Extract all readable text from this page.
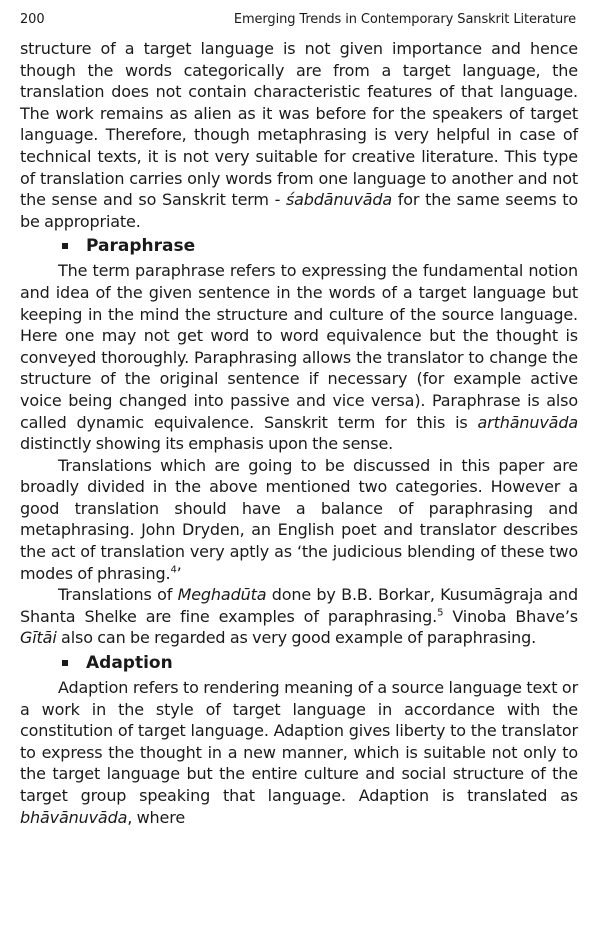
200	Emerging Trends in Contemporary Sanskrit Literature

structure of a target language is not given importance and hence though the words categorically are from a target language, the translation does not contain characteristic features of that language. The work remains as alien as it was before for the speakers of target language. Therefore, though metaphrasing is very helpful in case of technical texts, it is not very suitable for creative literature. This type of translation carries only words from one language to another and not the sense and so Sanskrit term - śabdānuvāda for the same seems to be appropriate.

Paraphrase

The term paraphrase refers to expressing the fundamental notion and idea of the given sentence in the words of a target language but keeping in the mind the structure and culture of the source language. Here one may not get word to word equivalence but the thought is conveyed thoroughly. Paraphrasing allows the translator to change the structure of the original sentence if necessary (for example active voice being changed into passive and vice versa). Paraphrase is also called dynamic equivalence. Sanskrit term for this is arthānuvāda distinctly showing its emphasis upon the sense.

Translations which are going to be discussed in this paper are broadly divided in the above mentioned two categories. However a good translation should have a balance of paraphrasing and metaphrasing. John Dryden, an English poet and translator describes the act of translation very aptly as ‘the judicious blending of these two modes of phrasing.$^4$’

Translations of Meghadūta done by B.B. Borkar, Kusumāgraja and Shanta Shelke are fine examples of paraphrasing.$^5$ Vinoba Bhave’s Gītāi also can be regarded as very good example of paraphrasing.

Adaption

Adaption refers to rendering meaning of a source language text or a work in the style of target language in accordance with the constitution of target language. Adaption gives liberty to the translator to express the thought in a new manner, which is suitable not only to the target language but the entire culture and social structure of the target group speaking that language. Adaption is translated as bhāvānuvāda, where
